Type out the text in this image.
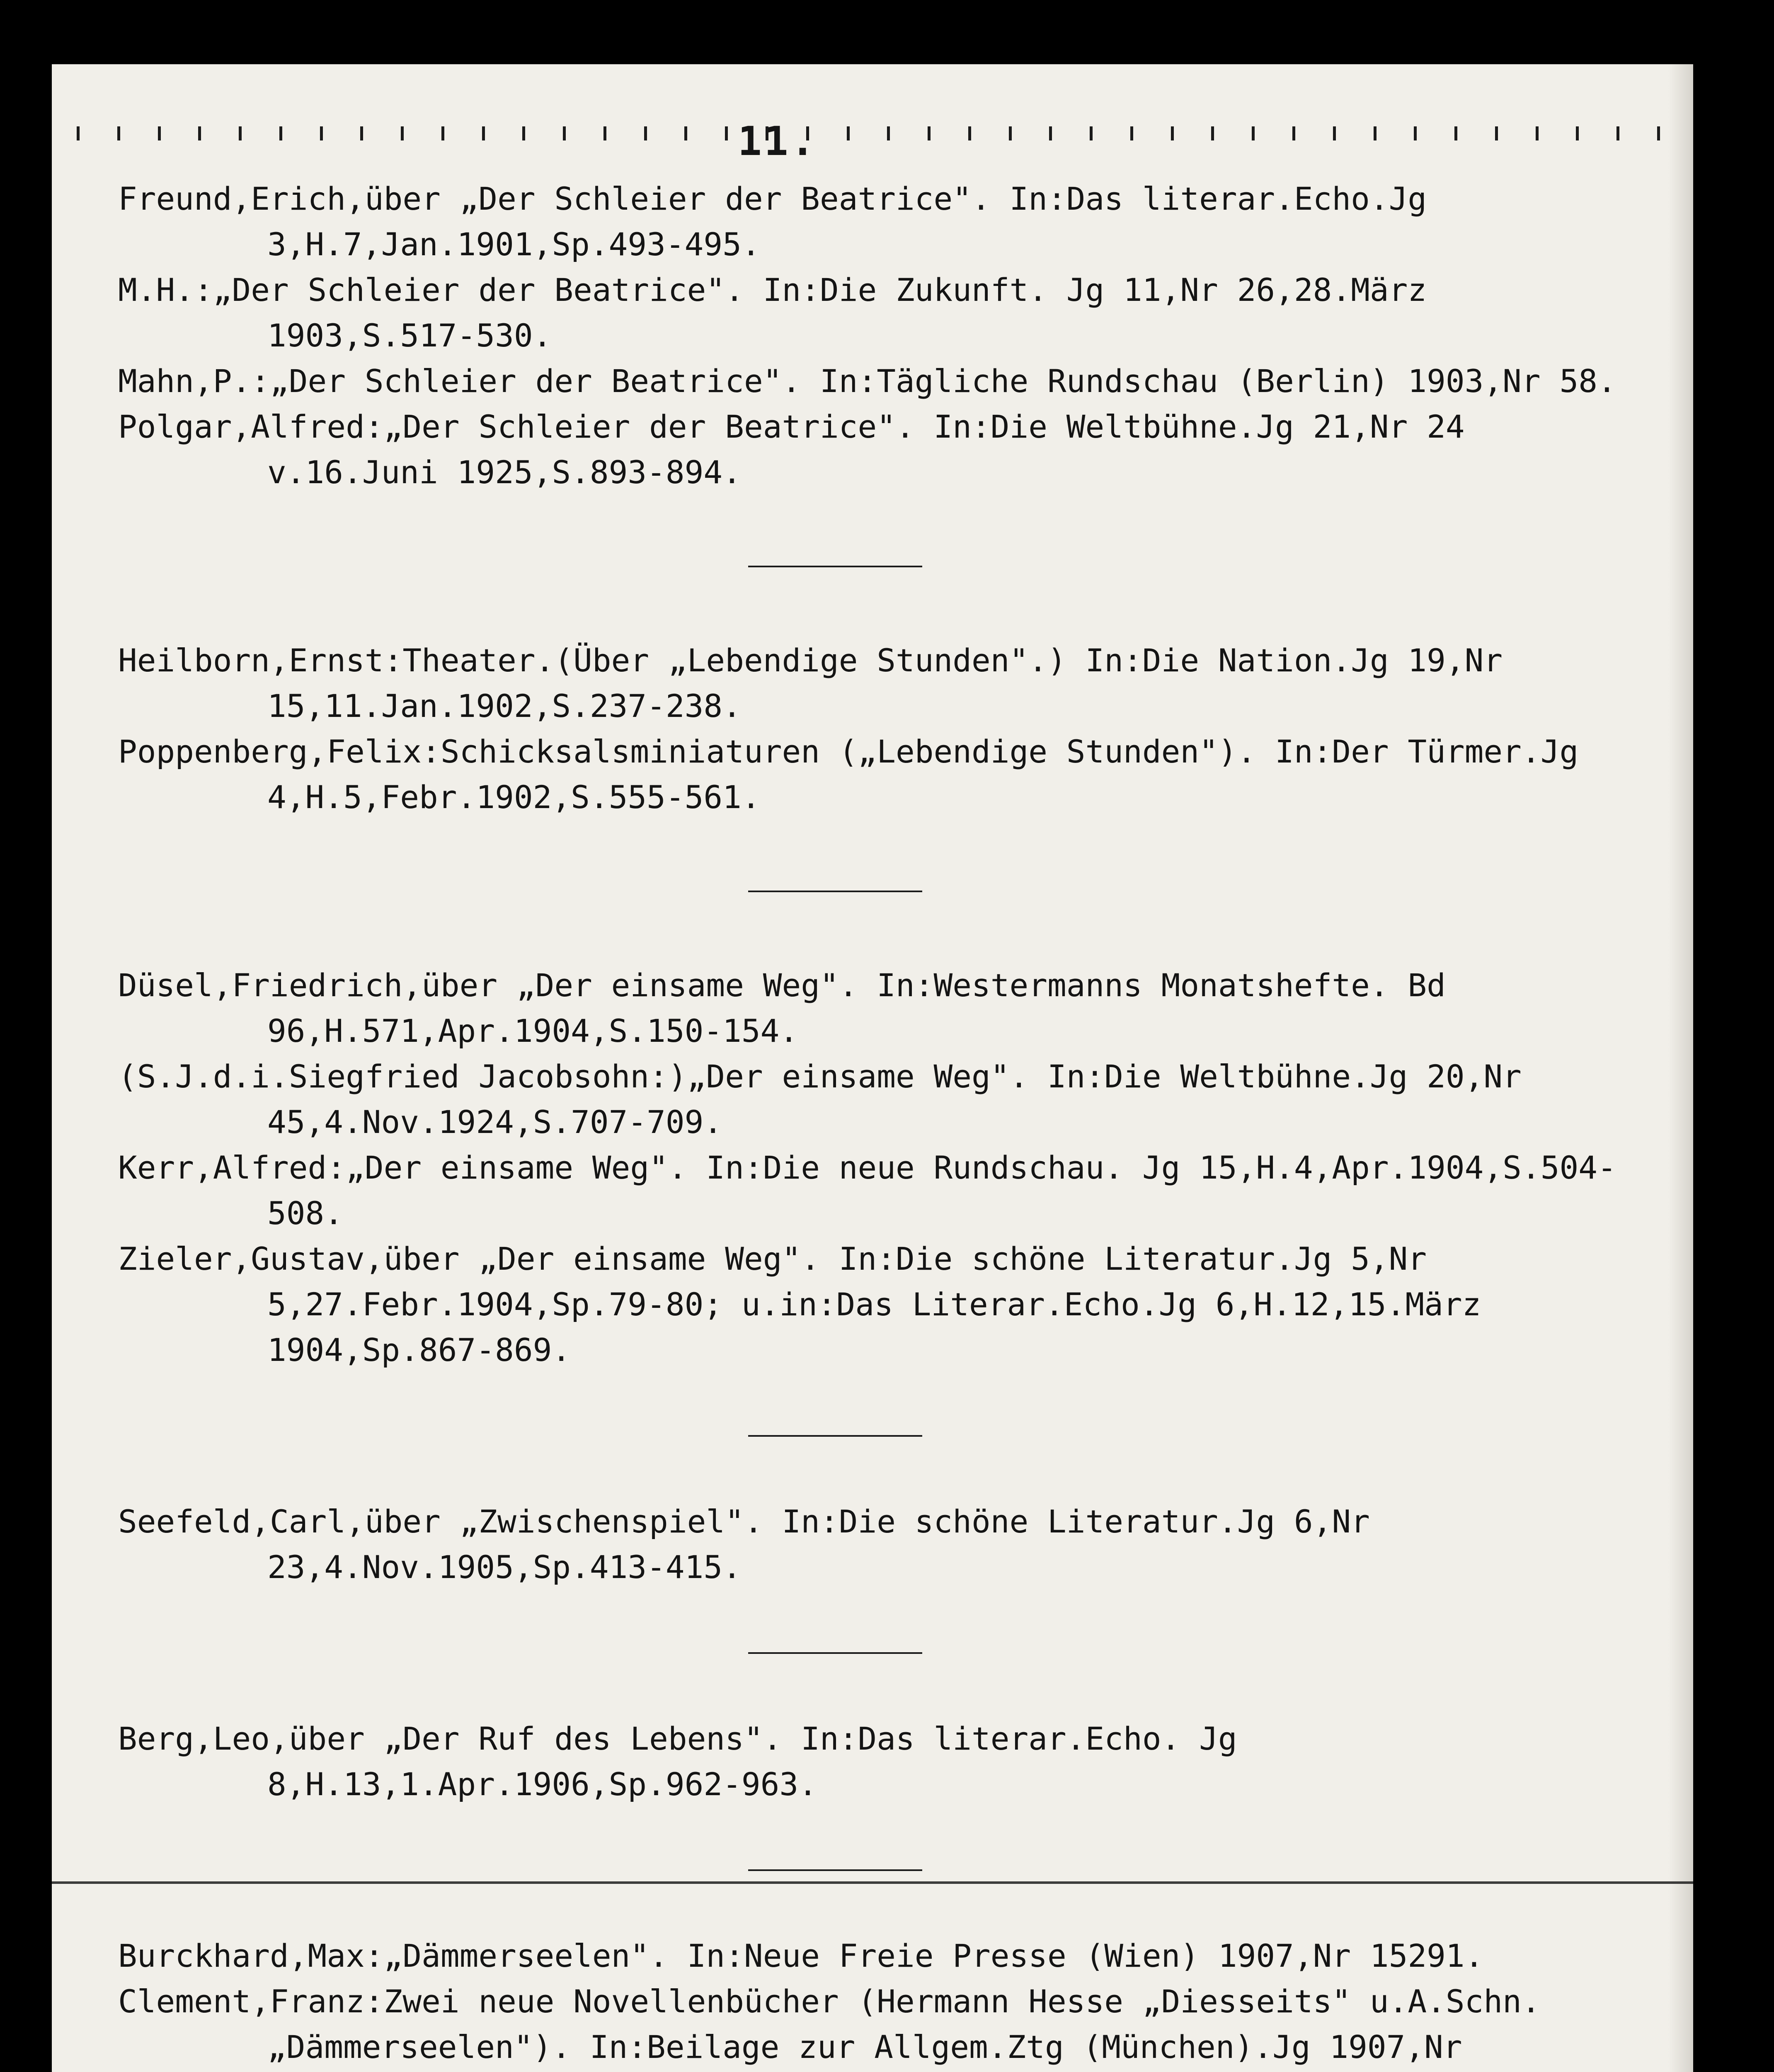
11.
Freund,Erich,über „Der Schleier der Beatrice". In:Das literar.Echo.Jg 3,H.7,Jan.1901,Sp.493-495.
M.H.:„Der Schleier der Beatrice". In:Die Zukunft. Jg 11,Nr 26,28.März 1903,S.517-530.
Mahn,P.:„Der Schleier der Beatrice". In:Tägliche Rundschau (Berlin) 1903,Nr 58.
Polgar,Alfred:„Der Schleier der Beatrice". In:Die Weltbühne.Jg 21,Nr 24 v.16.Juni 1925,S.893-894.
Heilborn,Ernst:Theater.(Über „Lebendige Stunden".) In:Die Nation.Jg 19,Nr 15,11.Jan.1902,S.237-238.
Poppenberg,Felix:Schicksalsminiaturen („Lebendige Stunden"). In:Der Türmer.Jg 4,H.5,Febr.1902,S.555-561.
Düsel,Friedrich,über „Der einsame Weg". In:Westermanns Monatshefte. Bd 96,H.571,Apr.1904,S.150-154.
(S.J.d.i.Siegfried Jacobsohn:)„Der einsame Weg". In:Die Weltbühne.Jg 20,Nr 45,4.Nov.1924,S.707-709.
Kerr,Alfred:„Der einsame Weg". In:Die neue Rundschau. Jg 15,H.4,Apr.1904,S.504-508.
Zieler,Gustav,über „Der einsame Weg". In:Die schöne Literatur.Jg 5,Nr 5,27.Febr.1904,Sp.79-80; u.in:Das Literar.Echo.Jg 6,H.12,15.März 1904,Sp.867-869.
Seefeld,Carl,über „Zwischenspiel". In:Die schöne Literatur.Jg 6,Nr 23,4.Nov.1905,Sp.413-415.
Berg,Leo,über „Der Ruf des Lebens". In:Das literar.Echo. Jg 8,H.13,1.Apr.1906,Sp.962-963.
Burckhard,Max:„Dämmerseelen". In:Neue Freie Presse (Wien) 1907,Nr 15291.
Clement,Franz:Zwei neue Novellenbücher (Hermann Hesse „Diesseits" u.A.Schn.„Dämmerseelen"). In:Beilage zur Allgem.Ztg (München).Jg 1907,Nr
